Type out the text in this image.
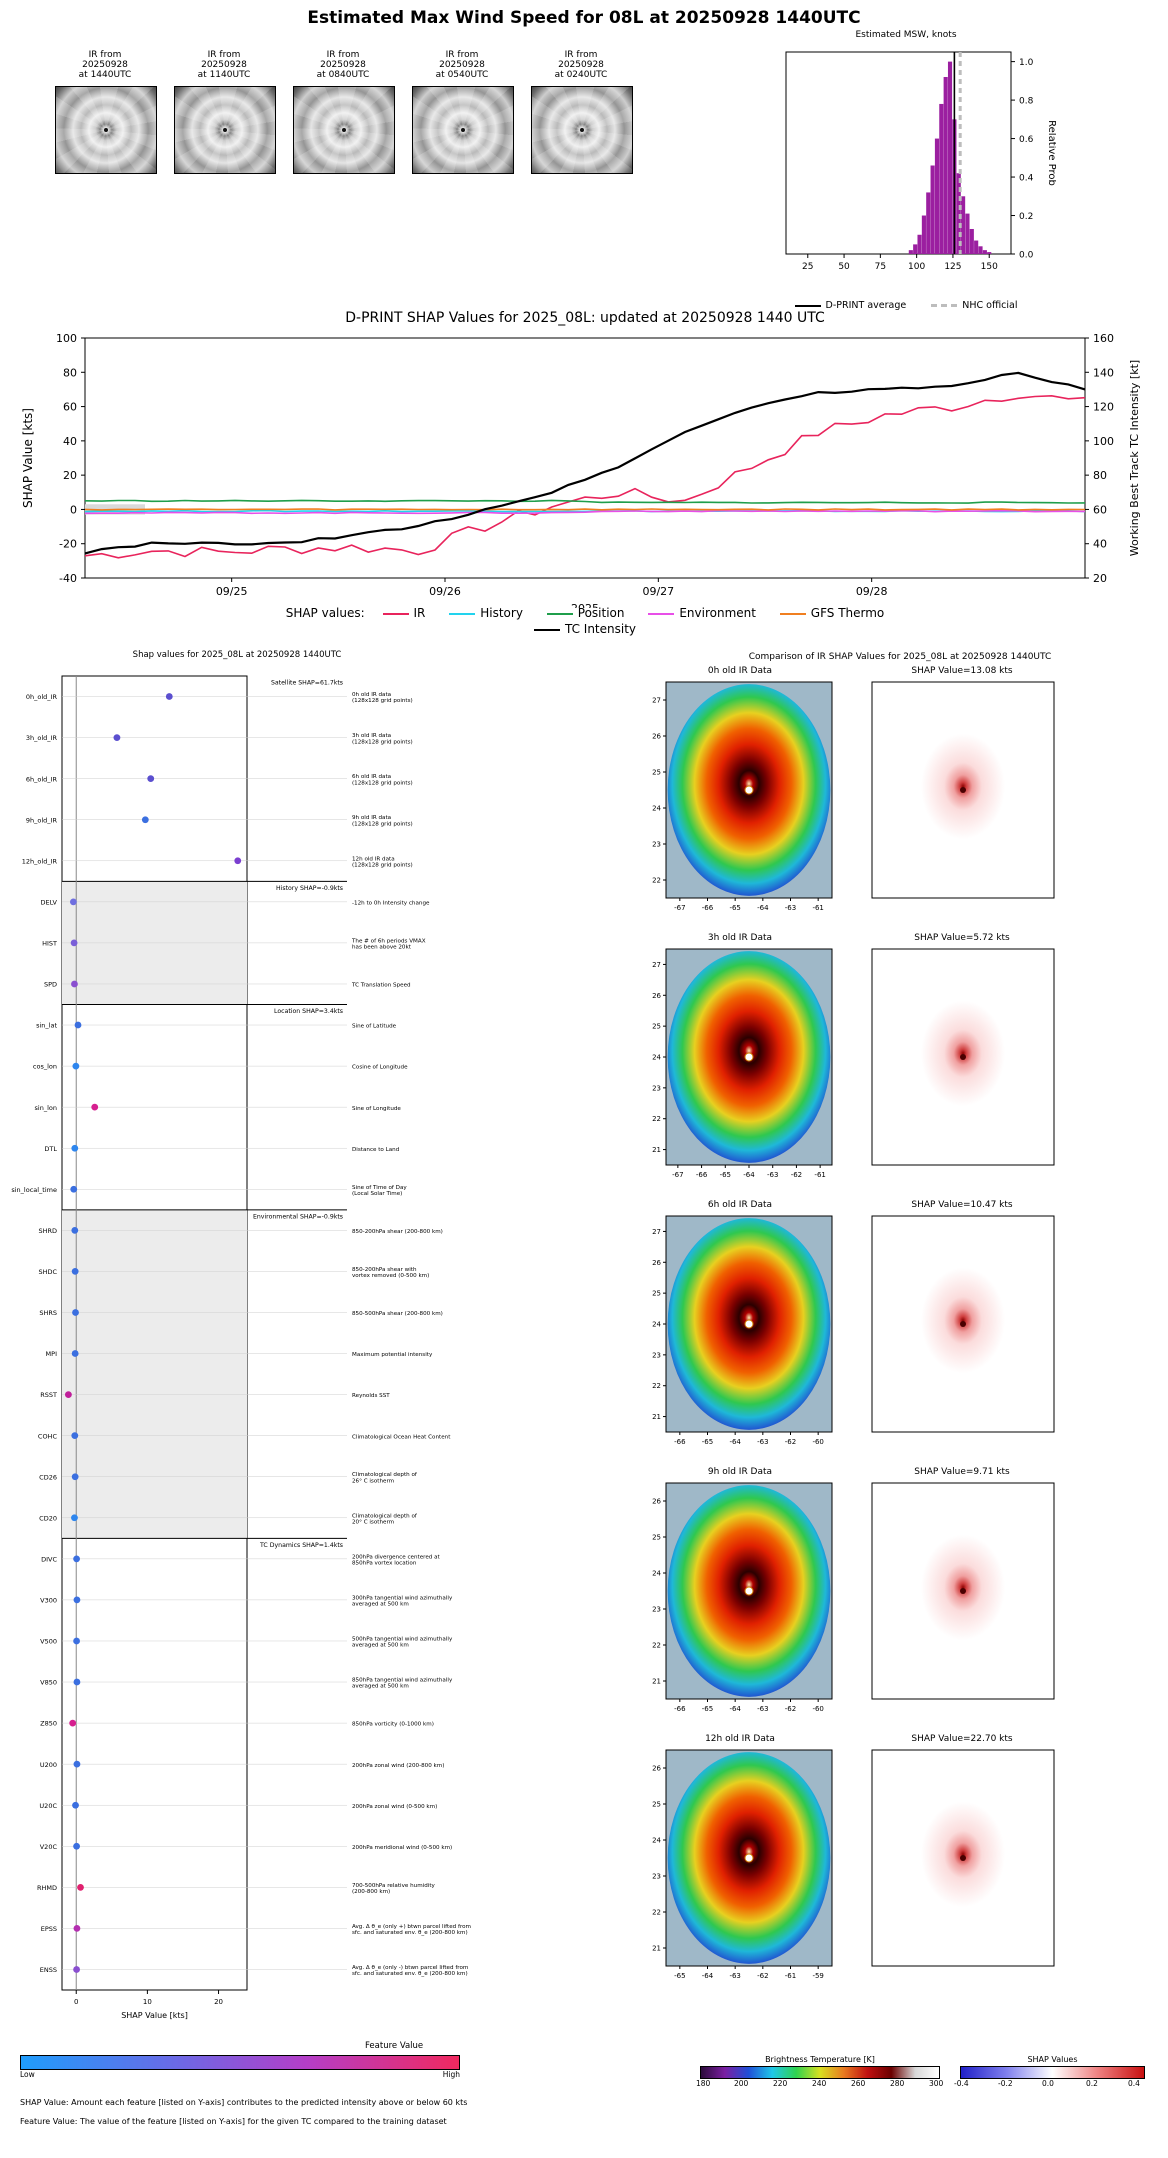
Estimated Max Wind Speed for 08L at 20250928 1440UTC
IR from
20250928
at 1440UTC
IR from
20250928
at 1140UTC
IR from
20250928
at 0840UTC
IR from
20250928
at 0540UTC
IR from
20250928
at 0240UTC
Estimated MSW, knots
25	50	75 100 125 150
0.0
0.2
0.4
0.6
0.8
1.0
Relative Prob
D-PRINT average	NHC official
D-PRINT SHAP Values for 2025_08L: updated at 20250928 1440 UTC
-40
-20
0
20
40
60
80
100
20
40
60
80
100
120
140
160
09/25	09/26	09/27	09/28
SHAP Value [kts]	Working Best Track TC Intensity [kt]
SHAP values:	IR	History	Position	Environment	GFS Thermo
TC Intensity
Shap values for 2025_08L at 20250928 1440UTC
0h_old_IR	0h old IR data
(128x128 grid points)
3h_old_IR	3h old IR data
(128x128 grid points)
6h_old_IR	6h old IR data
(128x128 grid points)
9h_old_IR	9h old IR data
(128x128 grid points)
12h_old_IR	12h old IR data
(128x128 grid points)
DELV	-12h to 0h Intensity change
HIST	The # of 6h periods VMAX
has been above 20kt
SPD	TC Translation Speed
sin_lat	Sine of Latitude
cos_lon	Cosine of Longitude
sin_lon	Sine of Longitude
DTL	Distance to Land
sin_local_time	Sine of Time of Day
(Local Solar Time)
SHRD	850-200hPa shear (200-800 km)
SHDC	850-200hPa shear with
vortex removed (0-500 km)
SHRS	850-500hPa shear (200-800 km)
MPI	Maximum potential intensity
RSST	Reynolds SST
COHC	Climatological Ocean Heat Content
CD26	Climatological depth of
26° C isotherm
CD20	Climatological depth of
20° C isotherm
DIVC	200hPa divergence centered at
850hPa vortex location
V300	300hPa tangential wind azimuthally
averaged at 500 km
V500	500hPa tangential wind azimuthally
averaged at 500 km
V850	850hPa tangential wind azimuthally
averaged at 500 km
Z850	850hPa vorticity (0-1000 km)
U200	200hPa zonal wind (200-800 km)
U20C	200hPa zonal wind (0-500 km)
V20C	200hPa meridional wind (0-500 km)
RHMD	700-500hPa relative humidity
(200-800 km)
EPSS	Avg. Δ θ_e (only +) btwn parcel lifted from
sfc. and saturated env. θ_e (200-800 km)
ENSS	Avg. Δ θ_e (only -) btwn parcel lifted from
sfc. and saturated env. θ_e (200-800 km)
Satellite SHAP=61.7kts
History SHAP=-0.9kts
Location SHAP=3.4kts
Environmental SHAP=-0.9kts
TC Dynamics SHAP=1.4kts
0	10	20
SHAP Value [kts]
Low	High
Feature Value
SHAP Value: Amount each feature [listed on Y-axis] contributes to the predicted intensity above or below 60 kts
Feature Value: The value of the feature [listed on Y-axis] for the given TC compared to the training dataset
Comparison of IR SHAP Values for 2025_08L at 20250928 1440UTC
0h old IR Data
-67 -66 -65 -64 -63 -61
27
26
25
24
23
22
SHAP Value=13.08 kts
3h old IR Data
-67 -66 -65 -64 -63 -62 -61
27
26
25
24
23
22
21
SHAP Value=5.72 kts
6h old IR Data
-66 -65 -64 -63 -62 -60
27
26
25
24
23
22
21
SHAP Value=10.47 kts
9h old IR Data
-66 -65 -64 -63 -62 -60
26
25
24
23
22
21
SHAP Value=9.71 kts
12h old IR Data
-65 -64 -63 -62 -61 -59
26
25
24
23
22
21
SHAP Value=22.70 kts
Brightness Temperature [K]
180	200	220	240	260	280	300
SHAP Values
-0.4	-0.2	0.0	0.2	0.4
